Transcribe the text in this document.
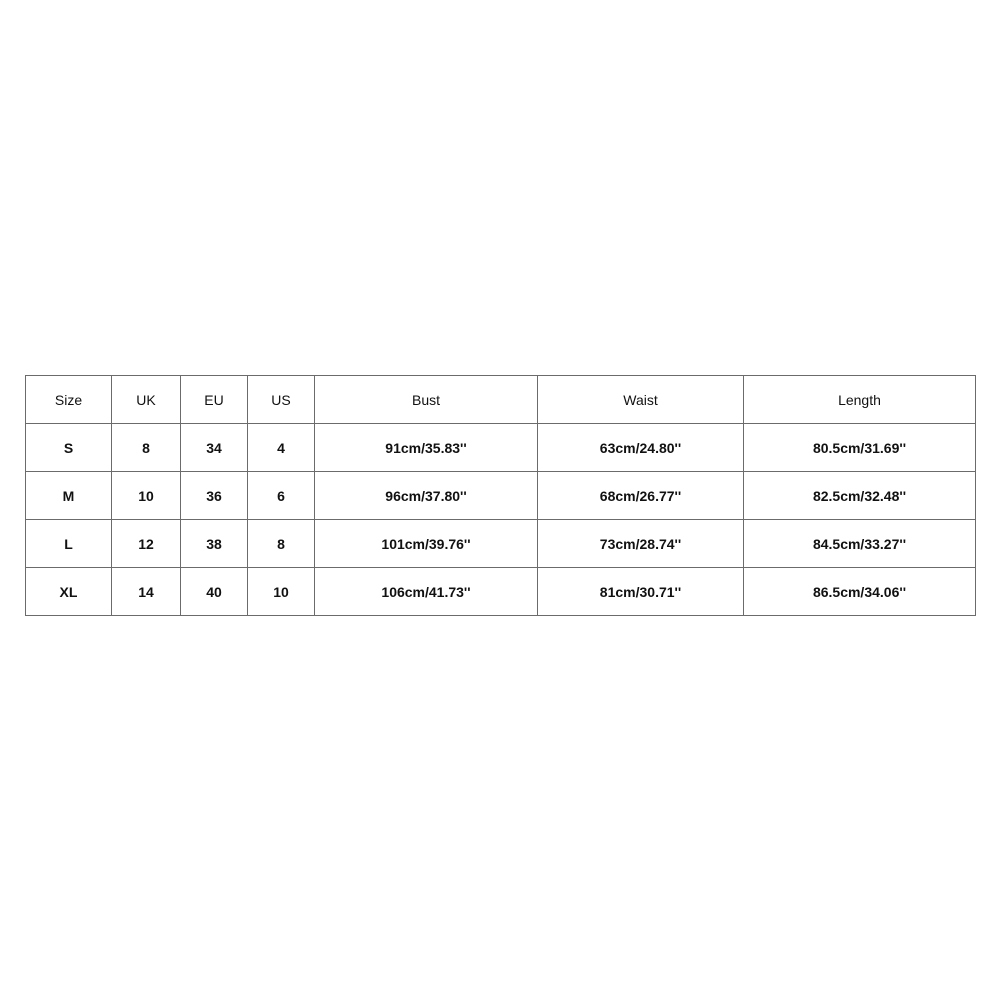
Size	UK	EU	US	Bust	Waist	Length
S	8	34	4	91cm/35.83''	63cm/24.80''	80.5cm/31.69''
M	10	36	6	96cm/37.80''	68cm/26.77''	82.5cm/32.48''
L	12	38	8	101cm/39.76''	73cm/28.74''	84.5cm/33.27''
XL	14	40	10	106cm/41.73''	81cm/30.71''	86.5cm/34.06''
